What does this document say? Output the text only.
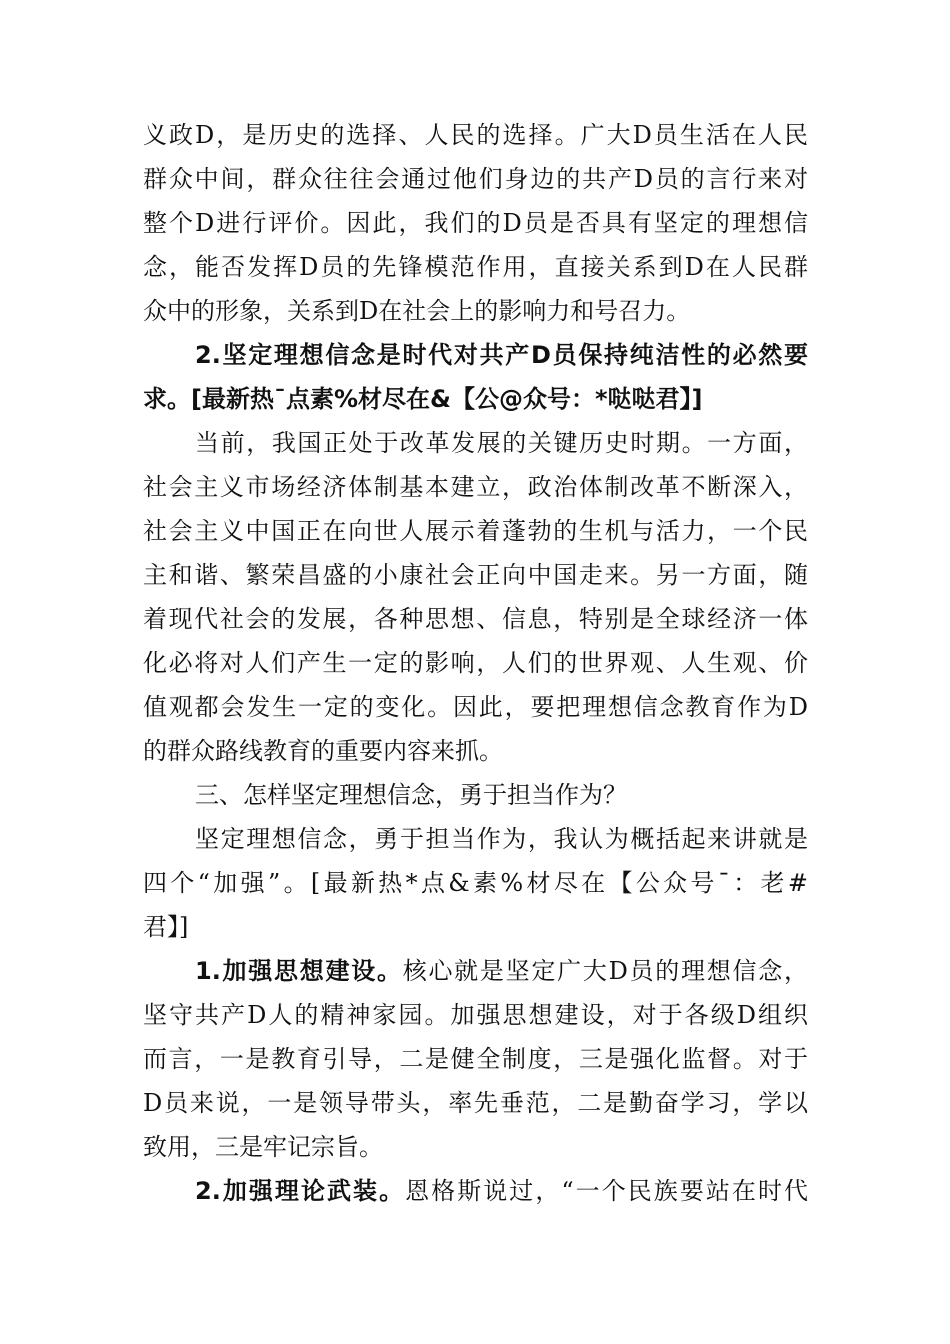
义政D，是历史的选择、人民的选择。广大D员生活在人民
群众中间，群众往往会通过他们身边的共产D员的言行来对
整个D进行评价。因此，我们的D员是否具有坚定的理想信
念，能否发挥D员的先锋模范作用，直接关系到D在人民群
众中的形象，关系到D在社会上的影响力和号召力。
2.坚定理想信念是时代对共产D员保持纯洁性的必然要
求。[最新热¯点素%材尽在&【公@众号：*哒哒君】]
当前，我国正处于改革发展的关键历史时期。一方面，
社会主义市场经济体制基本建立，政治体制改革不断深入，
社会主义中国正在向世人展示着蓬勃的生机与活力，一个民
主和谐、繁荣昌盛的小康社会正向中国走来。另一方面，随
着现代社会的发展，各种思想、信息，特别是全球经济一体
化必将对人们产生一定的影响，人们的世界观、人生观、价
值观都会发生一定的变化。因此，要把理想信念教育作为D
的群众路线教育的重要内容来抓。
三、怎样坚定理想信念，勇于担当作为？
坚定理想信念，勇于担当作为，我认为概括起来讲就是
四个“加强”。[最新热*点&素%材尽在【公众号¯：老#
君】]
1.加强思想建设。核心就是坚定广大D员的理想信念，
坚守共产D人的精神家园。加强思想建设，对于各级D组织
而言，一是教育引导，二是健全制度，三是强化监督。对于
D员来说，一是领导带头，率先垂范，二是勤奋学习，学以
致用，三是牢记宗旨。
2.加强理论武装。恩格斯说过，“一个民族要站在时代
